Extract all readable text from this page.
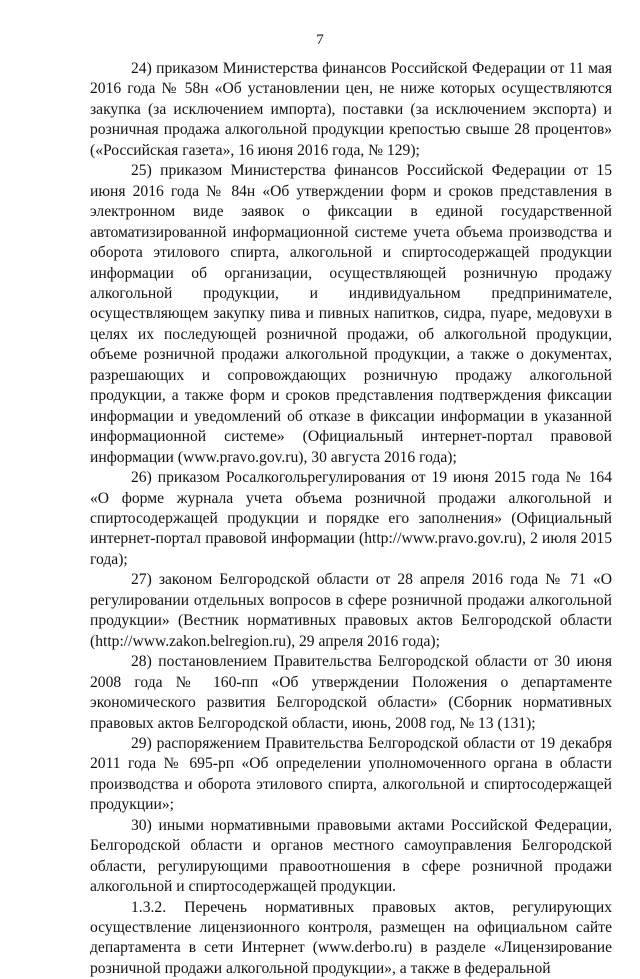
7

24) приказом Министерства финансов Российской Федерации от 11 мая 2016 года № 58н «Об установлении цен, не ниже которых осуществляются закупка (за исключением импорта), поставки (за исключением экспорта) и розничная продажа алкогольной продукции крепостью свыше 28 процентов» («Российская газета», 16 июня 2016 года, № 129);

25) приказом Министерства финансов Российской Федерации от 15 июня 2016 года № 84н «Об утверждении форм и сроков представления в электронном виде заявок о фиксации в единой государственной автоматизированной информационной системе учета объема производства и оборота этилового спирта, алкогольной и спиртосодержащей продукции информации об организации, осуществляющей розничную продажу алкогольной продукции, и индивидуальном предпринимателе, осуществляющем закупку пива и пивных напитков, сидра, пуаре, медовухи в целях их последующей розничной продажи, об алкогольной продукции, объеме розничной продажи алкогольной продукции, а также о документах, разрешающих и сопровождающих розничную продажу алкогольной продукции, а также форм и сроков представления подтверждения фиксации информации и уведомлений об отказе в фиксации информации в указанной информационной системе» (Официальный интернет-портал правовой информации (www.pravo.gov.ru), 30 августа 2016 года);

26) приказом Росалкогольрегулирования от 19 июня 2015 года № 164 «О форме журнала учета объема розничной продажи алкогольной и спиртосодержащей продукции и порядке его заполнения» (Официальный интернет-портал правовой информации (http://www.pravo.gov.ru), 2 июля 2015 года);

27) законом Белгородской области от 28 апреля 2016 года № 71 «О регулировании отдельных вопросов в сфере розничной продажи алкогольной продукции» (Вестник нормативных правовых актов Белгородской области (http://www.zakon.belregion.ru), 29 апреля 2016 года);

28) постановлением Правительства Белгородской области от 30 июня 2008 года № 160-пп «Об утверждении Положения о департаменте экономического развития Белгородской области» (Сборник нормативных правовых актов Белгородской области, июнь, 2008 год, № 13 (131);

29) распоряжением Правительства Белгородской области от 19 декабря 2011 года № 695-рп «Об определении уполномоченного органа в области производства и оборота этилового спирта, алкогольной и спиртосодержащей продукции»;

30) иными нормативными правовыми актами Российской Федерации, Белгородской области и органов местного самоуправления Белгородской области, регулирующими правоотношения в сфере розничной продажи алкогольной и спиртосодержащей продукции.

1.3.2. Перечень нормативных правовых актов, регулирующих осуществление лицензионного контроля, размещен на официальном сайте департамента в сети Интернет (www.derbo.ru) в разделе «Лицензирование розничной продажи алкогольной продукции», а также в федеральной
